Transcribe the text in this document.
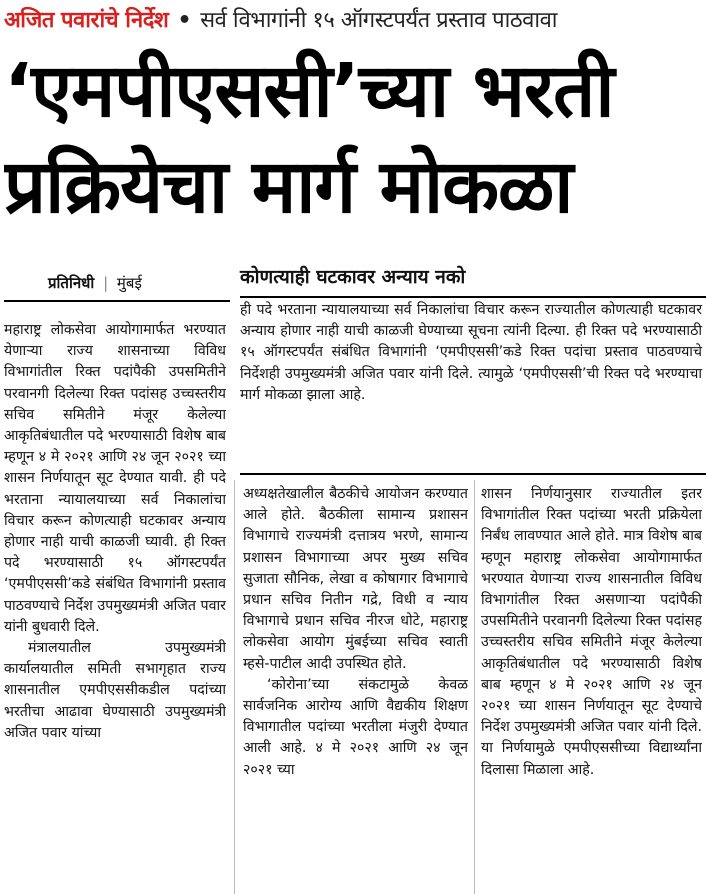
अजित पवारांचे निर्देश • सर्व विभागांनी १५ ऑगस्टपर्यंत प्रस्ताव पाठवावा
‘एमपीएससी’च्या भरती
प्रक्रियेचा मार्ग मोकळा
प्रतिनिधी | मुंबई	कोणत्याही घटकावर अन्याय नको
ही पदे भरताना न्यायालयाच्या सर्व निकालांचा विचार करून राज्यातील कोणत्याही घटकावर अन्याय होणार नाही याची काळजी घेण्याच्या सूचना त्यांनी दिल्या. ही रिक्त पदे भरण्यासाठी १५ ऑगस्टपर्यंत संबंधित विभागांनी ‘एमपीएससी’कडे रिक्त पदांचा प्रस्ताव पाठवण्याचे निर्देशही उपमुख्यमंत्री अजित पवार यांनी दिले. त्यामुळे ‘एमपीएससी’ची रिक्त पदे भरण्याचा मार्ग मोकळा झाला आहे.

महाराष्ट्र लोकसेवा आयोगामार्फत भरण्यात येणाऱ्या राज्य शासनाच्या विविध विभागांतील रिक्त पदांपैकी उपसमितीने परवानगी दिलेल्या रिक्त पदांसह उच्चस्तरीय सचिव समितीने मंजूर केलेल्या आकृतिबंधातील पदे भरण्यासाठी विशेष बाब म्हणून ४ मे २०२१ आणि २४ जून २०२१ च्या शासन निर्णयातून सूट देण्यात यावी. ही पदे भरताना न्यायालयाच्या सर्व निकालांचा विचार करून कोणत्याही घटकावर अन्याय होणार नाही याची काळजी घ्यावी. ही रिक्त पदे भरण्यासाठी १५ ऑगस्टपर्यंत ‘एमपीएससी’कडे संबंधित विभागांनी प्रस्ताव पाठवण्याचे निर्देश उपमुख्यमंत्री अजित पवार यांनी बुधवारी दिले.

मंत्रालयातील उपमुख्यमंत्री कार्यालयातील समिती सभागृहात राज्य शासनातील एमपीएससीकडील पदांच्या भरतीचा आढावा घेण्यासाठी उपमुख्यमंत्री अजित पवार यांच्या

अध्यक्षतेखालील बैठकीचे आयोजन करण्यात आले होते. बैठकीला सामान्य प्रशासन विभागाचे राज्यमंत्री दत्तात्रय भरणे, सामान्य प्रशासन विभागाच्या अपर मुख्य सचिव सुजाता सौनिक, लेखा व कोषागार विभागाचे प्रधान सचिव नितीन गद्रे, विधी व न्याय विभागाचे प्रधान सचिव नीरज धोटे, महाराष्ट्र लोकसेवा आयोग मुंबईच्या सचिव स्वाती म्हसे-पाटील आदी उपस्थित होते.

‘कोरोना’च्या संकटामुळे केवळ सार्वजनिक आरोग्य आणि वैद्यकीय शिक्षण विभागातील पदांच्या भरतीला मंजुरी देण्यात आली आहे. ४ मे २०२१ आणि २४ जून २०२१ च्या

शासन निर्णयानुसार राज्यातील इतर विभागांतील रिक्त पदांच्या भरती प्रक्रियेला निर्बंध लावण्यात आले होते. मात्र विशेष बाब म्हणून महाराष्ट्र लोकसेवा आयोगामार्फत भरण्यात येणाऱ्या राज्य शासनातील विविध विभागांतील रिक्त असणाऱ्या पदांपैकी उपसमितीने परवानगी दिलेल्या रिक्त पदांसह उच्चस्तरीय सचिव समितीने मंजूर केलेल्या आकृतिबंधातील पदे भरण्यासाठी विशेष बाब म्हणून ४ मे २०२१ आणि २४ जून २०२१ च्या शासन निर्णयातून सूट देण्याचे निर्देश उपमुख्यमंत्री अजित पवार यांनी दिले. या निर्णयामुळे एमपीएससीच्या विद्यार्थ्यांना दिलासा मिळाला आहे.
